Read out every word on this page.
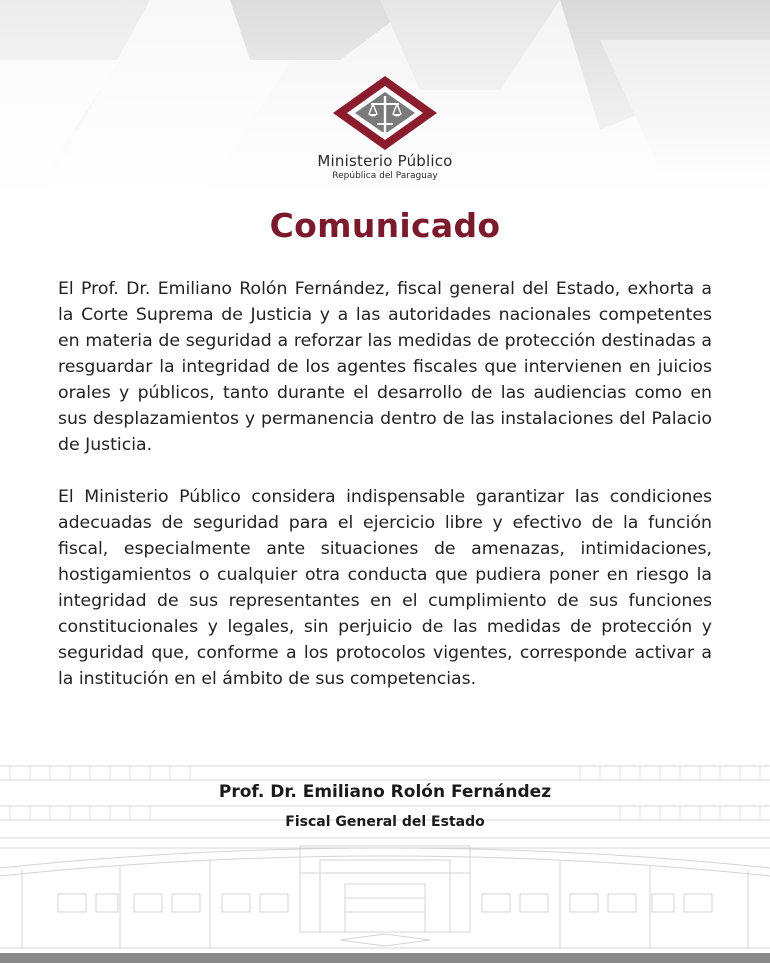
Ministerio Público
República del Paraguay
Comunicado

El Prof. Dr. Emiliano Rolón Fernández, fiscal general del Estado, exhorta a la Corte Suprema de Justicia y a las autoridades nacionales competentes en materia de seguridad a reforzar las medidas de protección destinadas a resguardar la integridad de los agentes fiscales que intervienen en juicios orales y públicos, tanto durante el desarrollo de las audiencias como en sus desplazamientos y permanencia dentro de las instalaciones del Palacio de Justicia.

El Ministerio Público considera indispensable garantizar las condiciones adecuadas de seguridad para el ejercicio libre y efectivo de la función fiscal, especialmente ante situaciones de amenazas, intimidaciones, hostigamientos o cualquier otra conducta que pudiera poner en riesgo la integridad de sus representantes en el cumplimiento de sus funciones constitucionales y legales, sin perjuicio de las medidas de protección y seguridad que, conforme a los protocolos vigentes, corresponde activar a la institución en el ámbito de sus competencias.

Prof. Dr. Emiliano Rolón Fernández
Fiscal General del Estado
